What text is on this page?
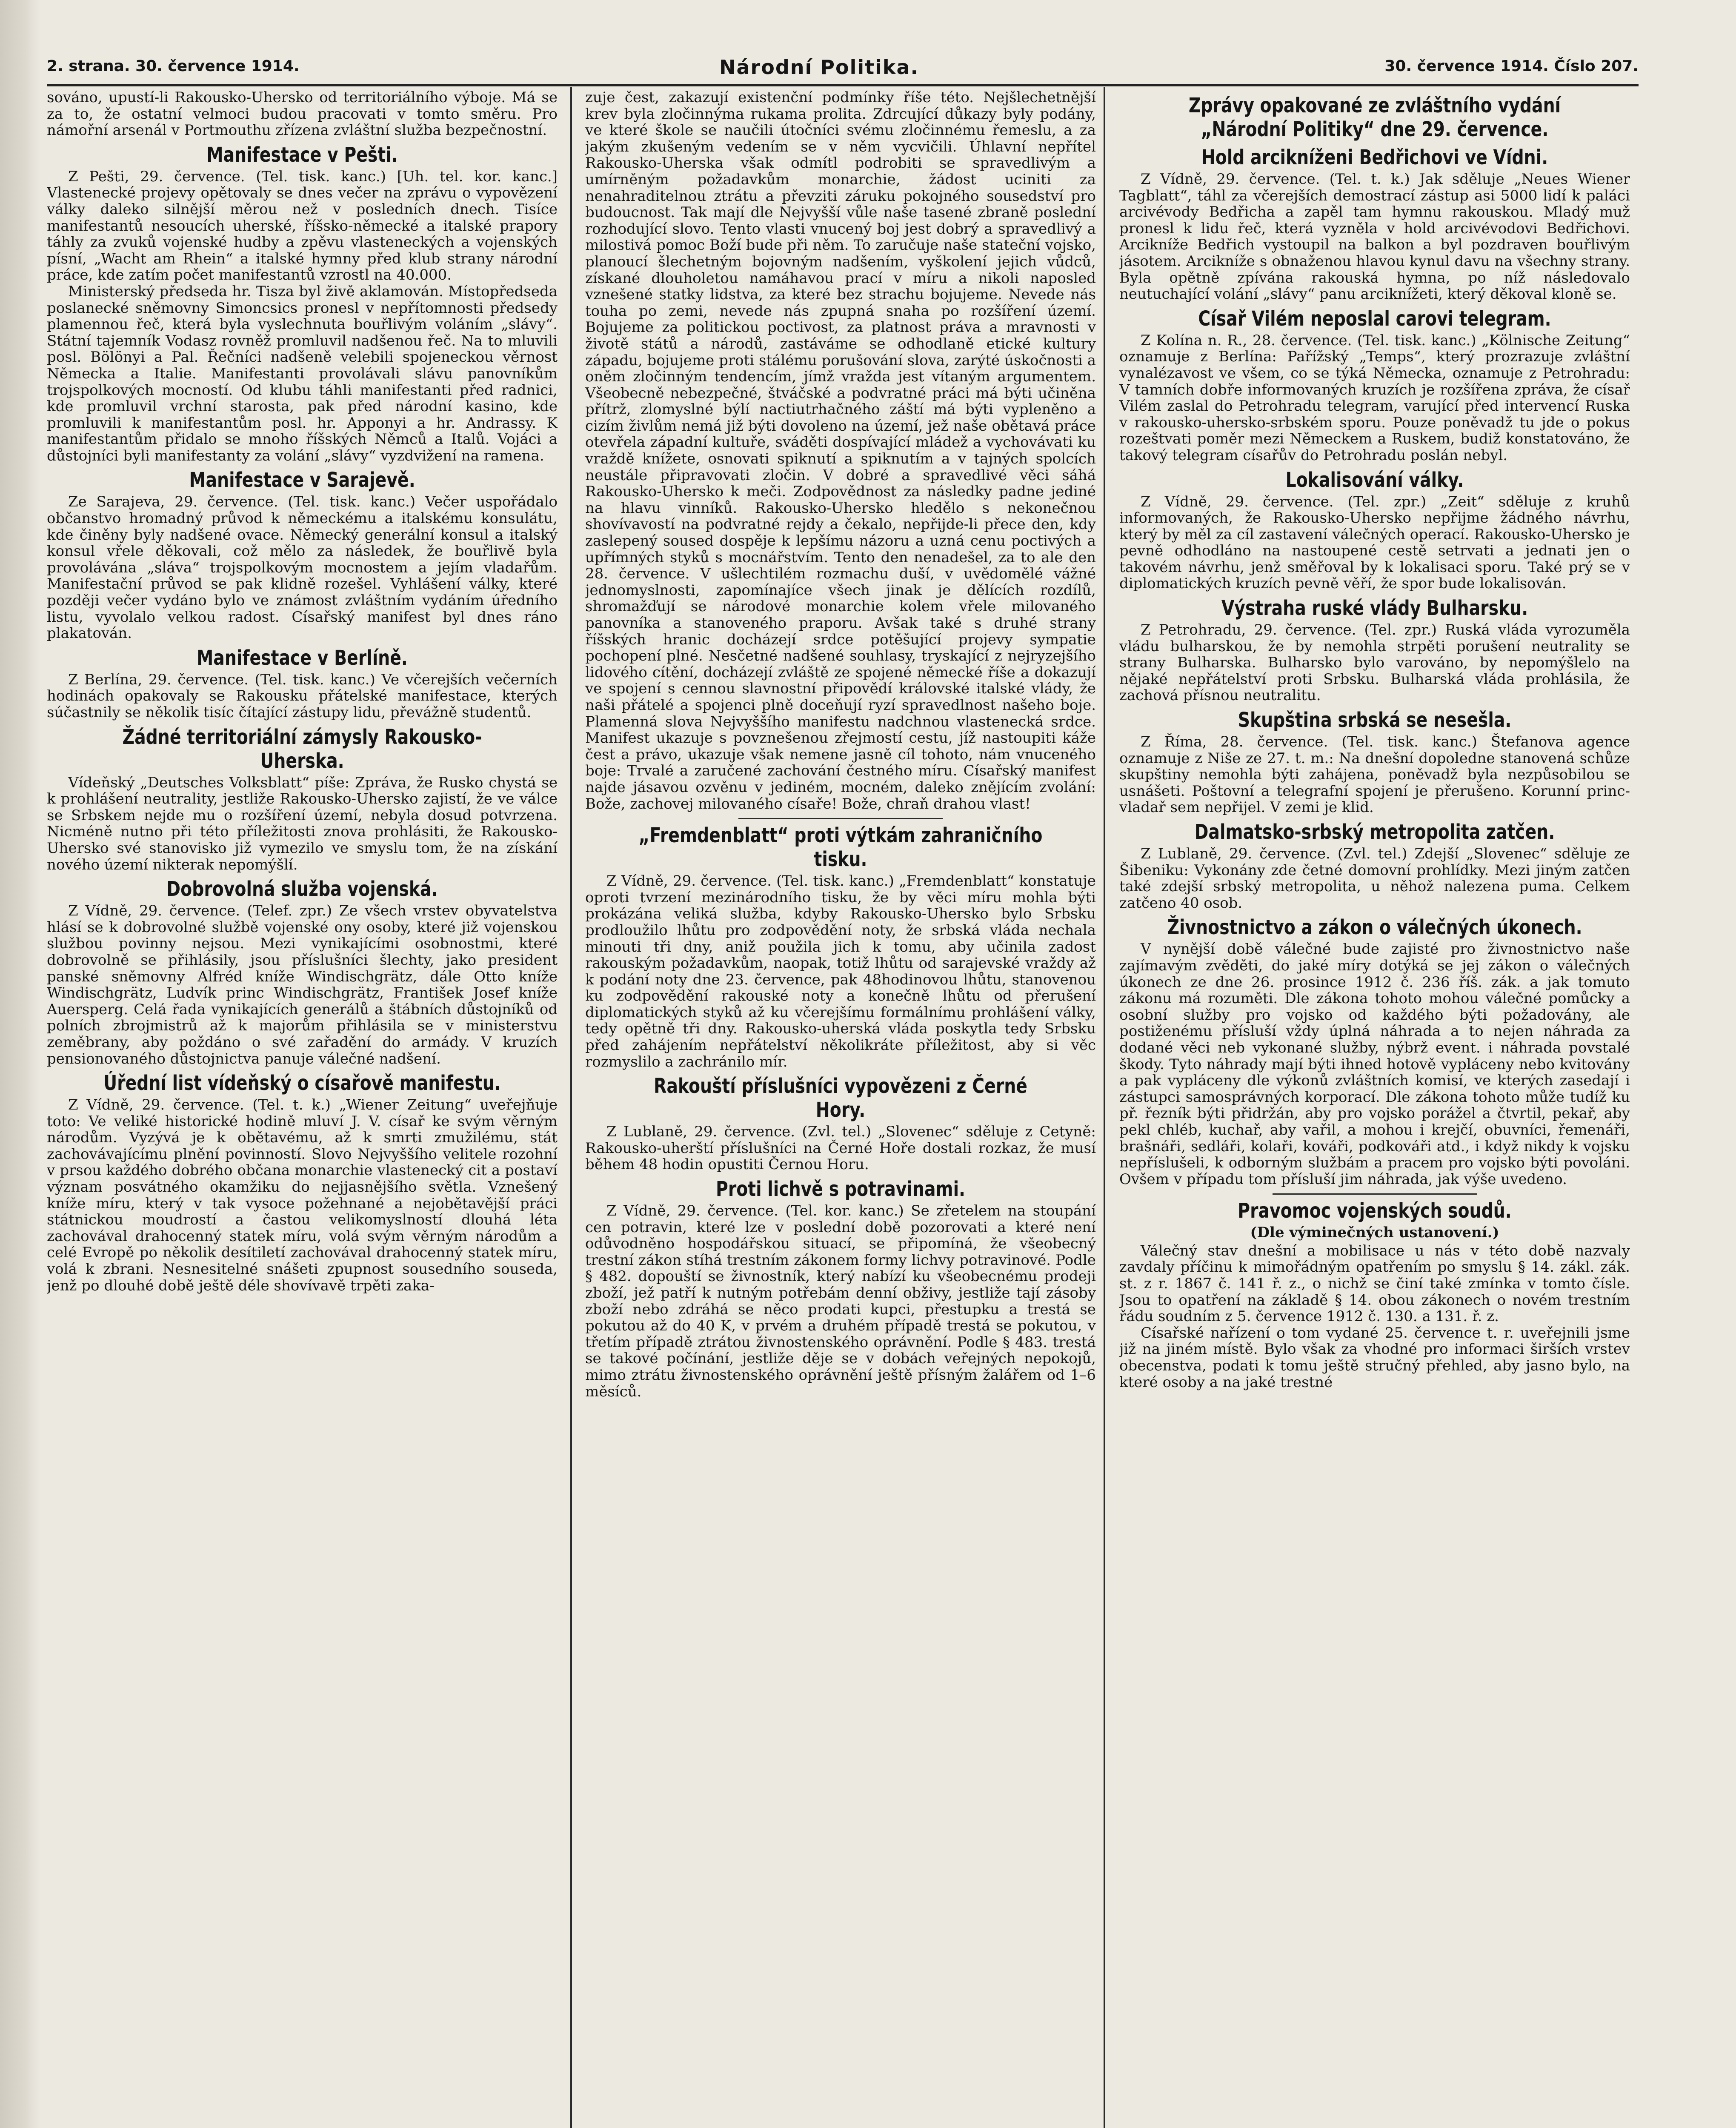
2. strana. 30. července 1914.	Národní Politika.	30. července 1914. Číslo 207.

sováno, upustí-li Rakousko-Uhersko od territoriálního výboje. Má se za to, že ostatní velmoci budou pracovati v tomto směru. Pro námořní arsenál v Portmouthu zřízena zvláštní služba bezpečnostní.

Manifestace v Pešti.

Z Pešti, 29. července. (Tel. tisk. kanc.) [Uh. tel. kor. kanc.] Vlastenecké projevy opětovaly se dnes večer na zprávu o vypovězení války daleko silnější měrou než v posledních dnech. Tisíce manifestantů nesoucích uherské, říšsko-německé a italské prapory táhly za zvuků vojenské hudby a zpěvu vlasteneckých a vojenských písní, „Wacht am Rhein“ a italské hymny před klub strany národní práce, kde zatím počet manifestantů vzrostl na 40.000.

Ministerský předseda hr. Tisza byl živě aklamován. Místopředseda poslanecké sněmovny Simoncsics pronesl v nepřítomnosti předsedy plamennou řeč, která byla vyslechnuta bouřlivým voláním „slávy“. Státní tajemník Vodasz rovněž promluvil nadšenou řeč. Na to mluvili posl. Bölönyi a Pal. Řečníci nadšeně velebili spojeneckou věrnost Německa a Italie. Manifestanti provolávali slávu panovníkům trojspolkových mocností. Od klubu táhli manifestanti před radnici, kde promluvil vrchní starosta, pak před národní kasino, kde promluvili k manifestantům posl. hr. Apponyi a hr. Andrassy. K manifestantům přidalo se mnoho říšských Němců a Italů. Vojáci a důstojníci byli manifestanty za volání „slávy“ vyzdvižení na ramena.

Manifestace v Sarajevě.

Ze Sarajeva, 29. července. (Tel. tisk. kanc.) Večer uspořádalo občanstvo hromadný průvod k německému a italskému konsulátu, kde činěny byly nadšené ovace. Německý generální konsul a italský konsul vřele děkovali, což mělo za následek, že bouřlivě byla provolávána „sláva“ trojspolkovým mocnostem a jejím vladařům. Manifestační průvod se pak klidně rozešel. Vyhlášení války, které později večer vydáno bylo ve známost zvláštním vydáním úředního listu, vyvolalo velkou radost. Císařský manifest byl dnes ráno plakatován.

Manifestace v Berlíně.

Z Berlína, 29. července. (Tel. tisk. kanc.) Ve včerejších večerních hodinách opakovaly se Rakousku přátelské manifestace, kterých súčastnily se několik tisíc čítající zástupy lidu, převážně studentů.

Žádné territoriální zámysly Rakousko-Uherska.

Vídeňský „Deutsches Volksblatt“ píše: Zpráva, že Rusko chystá se k prohlášení neutrality, jestliže Rakousko-Uhersko zajistí, že ve válce se Srbskem nejde mu o rozšíření území, nebyla dosud potvrzena. Nicméně nutno při této příležitosti znova prohlásiti, že Rakousko-Uhersko své stanovisko již vymezilo ve smyslu tom, že na získání nového území nikterak nepomýšlí.

Dobrovolná služba vojenská.

Z Vídně, 29. července. (Telef. zpr.) Ze všech vrstev obyvatelstva hlásí se k dobrovolné službě vojenské ony osoby, které již vojenskou službou povinny nejsou. Mezi vynikajícími osobnostmi, které dobrovolně se přihlásily, jsou příslušníci šlechty, jako president panské sněmovny Alfréd kníže Windischgrätz, dále Otto kníže Windischgrätz, Ludvík princ Windischgrätz, František Josef kníže Auersperg. Celá řada vynikajících generálů a štábních důstojníků od polních zbrojmistrů až k majorům přihlásila se v ministerstvu zeměbrany, aby poždáno o své zařadění do armády. V kruzích pensionovaného důstojnictva panuje válečné nadšení.

Úřední list vídeňský o císařově manifestu.

Z Vídně, 29. července. (Tel. t. k.) „Wiener Zeitung“ uveřejňuje toto: Ve veliké historické hodině mluví J. V. císař ke svým věrným národům. Vyzývá je k obětavému, až k smrti zmužilému, stát zachovávajícímu plnění povinností. Slovo Nejvyššího velitele rozohní v prsou každého dobrého občana monarchie vlastenecký cit a postaví význam posvátného okamžiku do nejjasnějšího světla. Vznešený kníže míru, který v tak vysoce požehnané a nejobětavější práci státnickou moudrostí a častou velikomyslností dlouhá léta zachovával drahocenný statek míru, volá svým věrným národům a celé Evropě po několik desítiletí zachovával drahocenný statek míru, volá k zbrani. Nesnesitelné snášeti zpupnost sousedního souseda, jenž po dlouhé době ještě déle shovívavě trpěti zaka-

zuje čest, zakazují existenční podmínky říše této. Nejšlechetnější krev byla zločinnýma rukama prolita. Zdrcující důkazy byly podány, ve které škole se naučili útočníci svému zločinnému řemeslu, a za jakým zkušeným vedením se v něm vycvičili. Úhlavní nepřítel Rakousko-Uherska však odmítl podrobiti se spravedlivým a umírněným požadavkům monarchie, žádost uciniti za nenahraditelnou ztrátu a převziti záruku pokojného sousedství pro budoucnost. Tak mají dle Nejvyšší vůle naše tasené zbraně poslední rozhodující slovo. Tento vlasti vnucený boj jest dobrý a spravedlivý a milostivá pomoc Boží bude při něm. To zaručuje naše stateční vojsko, planoucí šlechetným bojovným nadšením, vyškolení jejich vůdců, získané dlouholetou namáhavou prací v míru a nikoli naposled vznešené statky lidstva, za které bez strachu bojujeme. Nevede nás touha po zemi, nevede nás zpupná snaha po rozšíření území. Bojujeme za politickou poctivost, za platnost práva a mravnosti v životě států a národů, zastáváme se odhodlaně etické kultury západu, bojujeme proti stálému porušování slova, zarýté úskočnosti a oněm zločinným tendencím, jímž vražda jest vítaným argumentem. Všeobecně nebezpečné, štváčské a podvratné práci má býti učiněna přítrž, zlomyslné býlí nactiutrhačného záští má býti vypleněno a cizím živlům nemá již býti dovoleno na území, jež naše obětavá práce otevřela západní kultuře, sváděti dospívající mládež a vychovávati ku vraždě knížete, osnovati spiknutí a spiknutím a v tajných spolcích neustále připravovati zločin. V dobré a spravedlivé věci sáhá Rakousko-Uhersko k meči. Zodpovědnost za následky padne jediné na hlavu vinníků. Rakousko-Uhersko hledělo s nekonečnou shovívavostí na podvratné rejdy a čekalo, nepřijde-li přece den, kdy zaslepený soused dospěje k lepšímu názoru a uzná cenu poctivých a upřímných styků s mocnářstvím. Tento den nenadešel, za to ale den 28. července. V ušlechtilém rozmachu duší, v uvědomělé vážné jednomyslnosti, zapomínajíce všech jinak je dělících rozdílů, shromažďují se národové monarchie kolem vřele milovaného panovníka a stanoveného praporu. Avšak také s druhé strany říšských hranic docházejí srdce potěšující projevy sympatie pochopení plné. Nesčetné nadšené souhlasy, tryskající z nejryzejšího lidového cítění, docházejí zvláště ze spojené německé říše a dokazují ve spojení s cennou slavnostní připovědí královské italské vlády, že naši přátelé a spojenci plně doceňují ryzí spravedlnost našeho boje. Plamenná slova Nejvyššího manifestu nadchnou vlastenecká srdce. Manifest ukazuje s povznešenou zřejmostí cestu, jíž nastoupiti káže čest a právo, ukazuje však nemene jasně cíl tohoto, nám vnuceného boje: Trvalé a zaručené zachování čestného míru. Císařský manifest najde jásavou ozvěnu v jediném, mocném, daleko znějícím zvolání: Bože, zachovej milovaného císaře! Bože, chraň drahou vlast!

„Fremdenblatt“ proti výtkám zahraničního tisku.

Z Vídně, 29. července. (Tel. tisk. kanc.) „Fremdenblatt“ konstatuje oproti tvrzení mezinárodního tisku, že by věci míru mohla býti prokázána veliká služba, kdyby Rakousko-Uhersko bylo Srbsku prodloužilo lhůtu pro zodpovědění noty, že srbská vláda nechala minouti tři dny, aniž použila jich k tomu, aby učinila zadost rakouským požadavkům, naopak, totiž lhůtu od sarajevské vraždy až k podání noty dne 23. července, pak 48hodinovou lhůtu, stanovenou ku zodpovědění rakouské noty a konečně lhůtu od přerušení diplomatických styků až ku včerejšímu formálnímu prohlášení války, tedy opětně tři dny. Rakousko-uherská vláda poskytla tedy Srbsku před zahájením nepřátelství několikráte příležitost, aby si věc rozmyslilo a zachránilo mír.

Rakouští příslušníci vypovězeni z Černé Hory.

Z Lublaně, 29. července. (Zvl. tel.) „Slovenec“ sděluje z Cetyně: Rakousko-uherští příslušníci na Černé Hoře dostali rozkaz, že musí během 48 hodin opustiti Černou Horu.

Proti lichvě s potravinami.

Z Vídně, 29. července. (Tel. kor. kanc.) Se zřetelem na stoupání cen potravin, které lze v poslední době pozorovati a které není odůvodněno hospodářskou situací, se připomíná, že všeobecný trestní zákon stíhá trestním zákonem formy lichvy potravinové. Podle § 482. dopouští se živnostník, který nabízí ku všeobecnému prodeji zboží, jež patří k nutným potřebám denní obživy, jestliže tají zásoby zboží nebo zdráhá se něco prodati kupci, přestupku a trestá se pokutou až do 40 K, v prvém a druhém případě trestá se pokutou, v třetím případě ztrátou živnostenského oprávnění. Podle § 483. trestá se takové počínání, jestliže děje se v dobách veřejných nepokojů, mimo ztrátu živnostenského oprávnění ještě přísným žalářem od 1–6 měsíců.

Zprávy opakované ze zvláštního vydání „Národní Politiky“ dne 29. července.
Hold arcikníženi Bedřichovi ve Vídni.

Z Vídně, 29. července. (Tel. t. k.) Jak sděluje „Neues Wiener Tagblatt“, táhl za včerejších demostrací zástup asi 5000 lidí k paláci arcivévody Bedřicha a zapěl tam hymnu rakouskou. Mladý muž pronesl k lidu řeč, která vyzněla v hold arcivévodovi Bedřichovi. Arcikníže Bedřich vystoupil na balkon a byl pozdraven bouřlivým jásotem. Arcikníže s obnaženou hlavou kynul davu na všechny strany. Byla opětně zpívána rakouská hymna, po níž následovalo neutuchající volání „slávy“ panu arciknížeti, který děkoval kloně se.

Císař Vilém neposlal carovi telegram.

Z Kolína n. R., 28. července. (Tel. tisk. kanc.) „Kölnische Zeitung“ oznamuje z Berlína: Pařížský „Temps“, který prozrazuje zvláštní vynalézavost ve všem, co se týká Německa, oznamuje z Petrohradu: V tamních dobře informovaných kruzích je rozšířena zpráva, že císař Vilém zaslal do Petrohradu telegram, varující před intervencí Ruska v rakousko-uhersko-srbském sporu. Pouze poněvadž tu jde o pokus rozeštvati poměr mezi Německem a Ruskem, budiž konstatováno, že takový telegram císařův do Petrohradu poslán nebyl.

Lokalisování války.

Z Vídně, 29. července. (Tel. zpr.) „Zeit“ sděluje z kruhů informovaných, že Rakousko-Uhersko nepřijme žádného návrhu, který by měl za cíl zastavení válečných operací. Rakousko-Uhersko je pevně odhodláno na nastoupené cestě setrvati a jednati jen o takovém návrhu, jenž směřoval by k lokalisaci sporu. Také prý se v diplomatických kruzích pevně věří, že spor bude lokalisován.

Výstraha ruské vlády Bulharsku.

Z Petrohradu, 29. července. (Tel. zpr.) Ruská vláda vyrozuměla vládu bulharskou, že by nemohla strpěti porušení neutrality se strany Bulharska. Bulharsko bylo varováno, by nepomýšlelo na nějaké nepřátelství proti Srbsku. Bulharská vláda prohlásila, že zachová přísnou neutralitu.

Skupština srbská se nesešla.

Z Říma, 28. července. (Tel. tisk. kanc.) Štefanova agence oznamuje z Niše ze 27. t. m.: Na dnešní dopoledne stanovená schůze skupštiny nemohla býti zahájena, poněvadž byla nezpůsobilou se usnášeti. Poštovní a telegrafní spojení je přerušeno. Korunní princ-vladař sem nepřijel. V zemi je klid.

Dalmatsko-srbský metropolita zatčen.

Z Lublaně, 29. července. (Zvl. tel.) Zdejší „Slovenec“ sděluje ze Šibeniku: Vykonány zde četné domovní prohlídky. Mezi jiným zatčen také zdejší srbský metropolita, u něhož nalezena puma. Celkem zatčeno 40 osob.

Živnostnictvo a zákon o válečných úkonech.

V nynější době válečné bude zajisté pro živnostnictvo naše zajímavým zvěděti, do jaké míry dotýká se jej zákon o válečných úkonech ze dne 26. prosince 1912 č. 236 říš. zák. a jak tomuto zákonu má rozuměti. Dle zákona tohoto mohou válečné pomůcky a osobní služby pro vojsko od každého býti požadovány, ale postiženému přísluší vždy úplná náhrada a to nejen náhrada za dodané věci neb vykonané služby, nýbrž event. i náhrada povstalé škody. Tyto náhrady mají býti ihned hotově vypláceny nebo kvitovány a pak vypláceny dle výkonů zvláštních komisí, ve kterých zasedají i zástupci samosprávných korporací. Dle zákona tohoto může tudíž ku př. řezník býti přidržán, aby pro vojsko porážel a čtvrtil, pekař, aby pekl chléb, kuchař, aby vařil, a mohou i krejčí, obuvníci, řemenáři, brašnáři, sedláři, kolaři, kováři, podkováři atd., i když nikdy k vojsku nepříslušeli, k odborným službám a pracem pro vojsko býti povoláni. Ovšem v případu tom přísluší jim náhrada, jak výše uvedeno.

Pravomoc vojenských soudů.
(Dle výminečných ustanovení.)

Válečný stav dnešní a mobilisace u nás v této době nazvaly zavdaly příčinu k mimořádným opatřením po smyslu § 14. zákl. zák. st. z r. 1867 č. 141 ř. z., o nichž se činí také zmínka v tomto čísle. Jsou to opatření na základě § 14. obou zákonech o novém trestním řádu soudním z 5. července 1912 č. 130. a 131. ř. z.

Císařské nařízení o tom vydané 25. července t. r. uveřejnili jsme již na jiném místě. Bylo však za vhodné pro informaci širších vrstev obecenstva, podati k tomu ještě stručný přehled, aby jasno bylo, na které osoby a na jaké trestné
